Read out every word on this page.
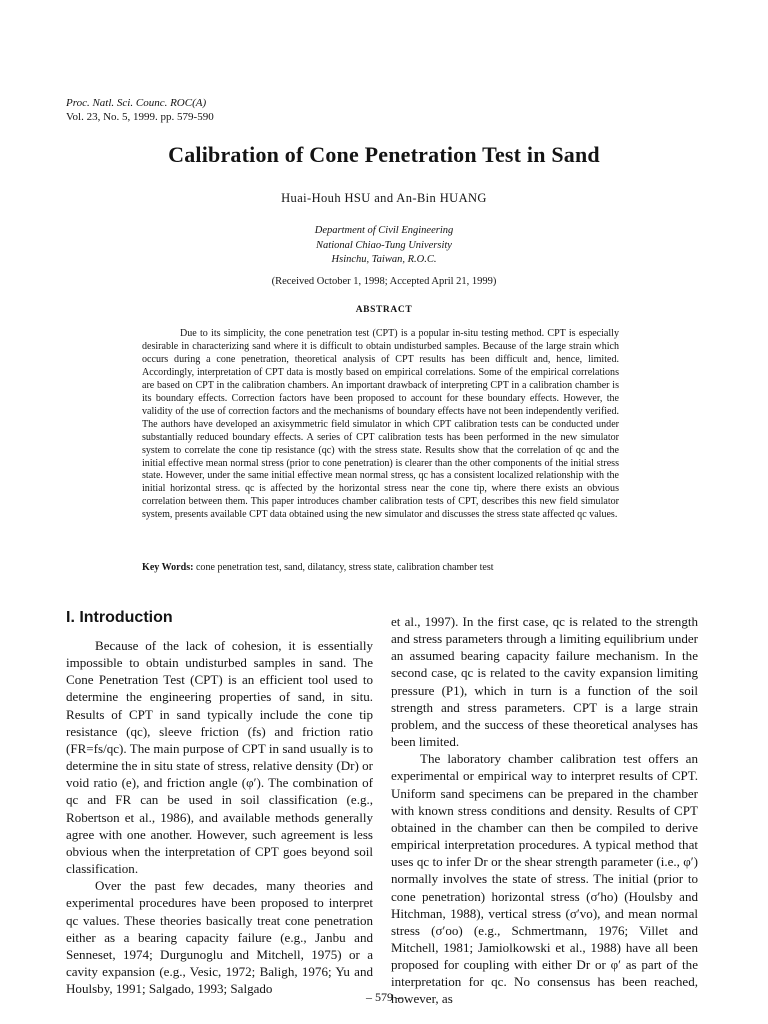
Proc. Natl. Sci. Counc. ROC(A)
Vol. 23, No. 5, 1999. pp. 579-590
Calibration of Cone Penetration Test in Sand
Huai-Houh HSU and An-Bin HUANG
Department of Civil Engineering
National Chiao-Tung University
Hsinchu, Taiwan, R.O.C.
(Received October 1, 1998; Accepted April 21, 1999)
ABSTRACT

Due to its simplicity, the cone penetration test (CPT) is a popular in-situ testing method. CPT is especially desirable in characterizing sand where it is difficult to obtain undisturbed samples. Because of the large strain which occurs during a cone penetration, theoretical analysis of CPT results has been difficult and, hence, limited. Accordingly, interpretation of CPT data is mostly based on empirical correlations. Some of the empirical correlations are based on CPT in the calibration chambers. An important drawback of interpreting CPT in a calibration chamber is its boundary effects. Correction factors have been proposed to account for these boundary effects. However, the validity of the use of correction factors and the mechanisms of boundary effects have not been independently verified. The authors have developed an axisymmetric field simulator in which CPT calibration tests can be conducted under substantially reduced boundary effects. A series of CPT calibration tests has been performed in the new simulator system to correlate the cone tip resistance (qc) with the stress state. Results show that the correlation of qc and the initial effective mean normal stress (prior to cone penetration) is clearer than the other components of the initial stress state. However, under the same initial effective mean normal stress, qc has a consistent localized relationship with the initial horizontal stress. qc is affected by the horizontal stress near the cone tip, where there exists an obvious correlation between them. This paper introduces chamber calibration tests of CPT, describes this new field simulator system, presents available CPT data obtained using the new simulator and discusses the stress state affected qc values.

Key Words: cone penetration test, sand, dilatancy, stress state, calibration chamber test

I. Introduction

Because of the lack of cohesion, it is essentially impossible to obtain undisturbed samples in sand. The Cone Penetration Test (CPT) is an efficient tool used to determine the engineering properties of sand, in situ. Results of CPT in sand typically include the cone tip resistance (qc), sleeve friction (fs) and friction ratio (FR=fs/qc). The main purpose of CPT in sand usually is to determine the in situ state of stress, relative density (Dr) or void ratio (e), and friction angle (φ′). The combination of qc and FR can be used in soil classification (e.g., Robertson et al., 1986), and available methods generally agree with one another. However, such agreement is less obvious when the interpretation of CPT goes beyond soil classification.

Over the past few decades, many theories and experimental procedures have been proposed to interpret qc values. These theories basically treat cone penetration either as a bearing capacity failure (e.g., Janbu and Senneset, 1974; Durgunoglu and Mitchell, 1975) or a cavity expansion (e.g., Vesic, 1972; Baligh, 1976; Yu and Houlsby, 1991; Salgado, 1993; Salgado

et al., 1997). In the first case, qc is related to the strength and stress parameters through a limiting equilibrium under an assumed bearing capacity failure mechanism. In the second case, qc is related to the cavity expansion limiting pressure (P1), which in turn is a function of the soil strength and stress parameters. CPT is a large strain problem, and the success of these theoretical analyses has been limited.

The laboratory chamber calibration test offers an experimental or empirical way to interpret results of CPT. Uniform sand specimens can be prepared in the chamber with known stress conditions and density. Results of CPT obtained in the chamber can then be compiled to derive empirical interpretation procedures. A typical method that uses qc to infer Dr or the shear strength parameter (i.e., φ′) normally involves the state of stress. The initial (prior to cone penetration) horizontal stress (σ′ho) (Houlsby and Hitchman, 1988), vertical stress (σ′vo), and mean normal stress (σ′oo) (e.g., Schmertmann, 1976; Villet and Mitchell, 1981; Jamiolkowski et al., 1988) have all been proposed for coupling with either Dr or φ′ as part of the interpretation for qc. No consensus has been reached, however, as

– 579 –
